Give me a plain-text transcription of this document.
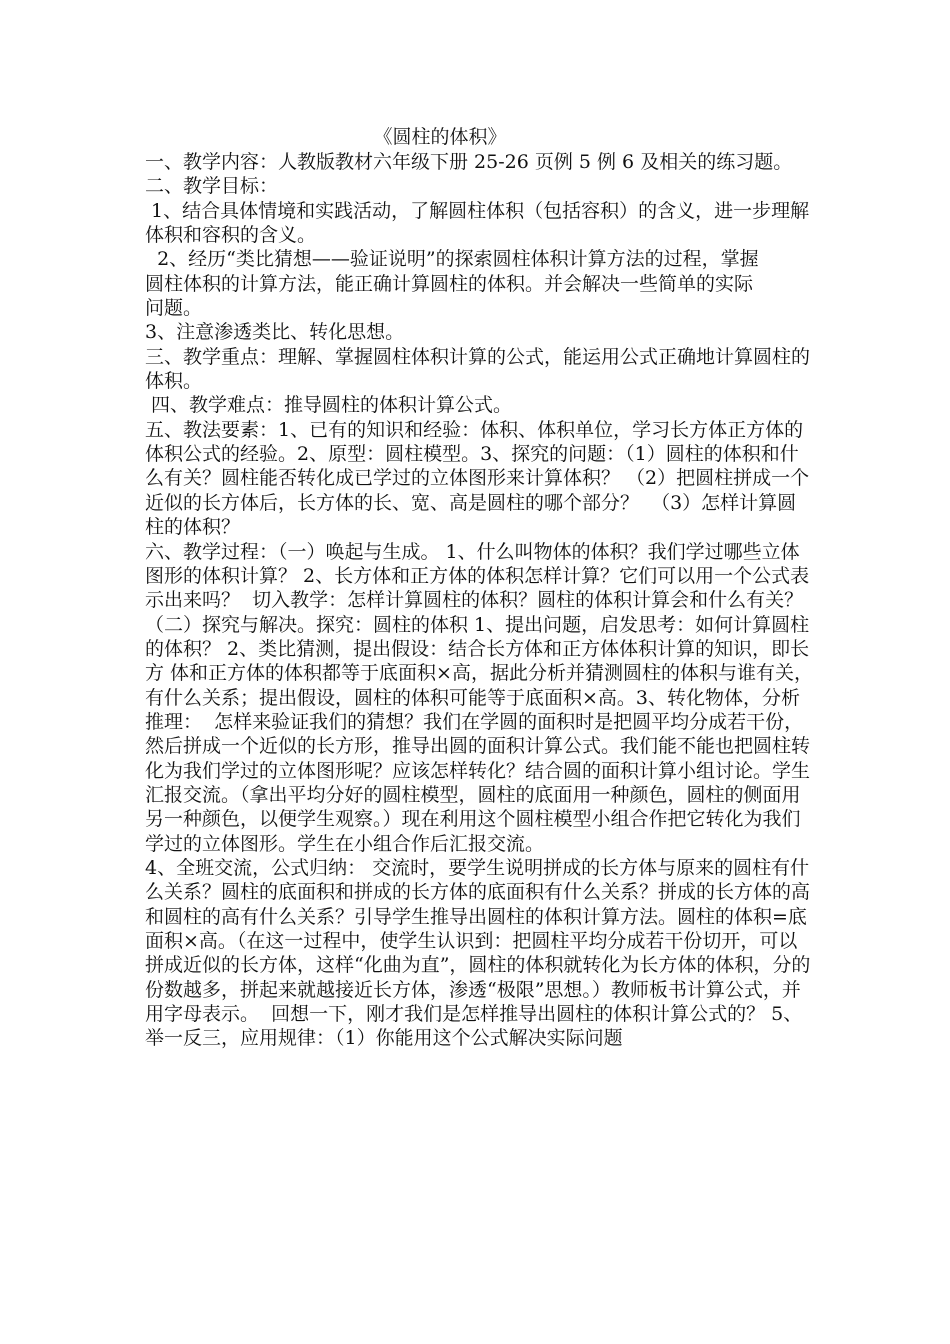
《圆柱的体积》

一、教学内容：人教版教材六年级下册 25-26 页例 5 例 6 及相关的练习题。

二、教学目标：

1、结合具体情境和实践活动，了解圆柱体积（包括容积）的含义，进一步理解体积和容积的含义。

2、经历“类比猜想——验证说明”的探索圆柱体积计算方法的过程，掌握

圆柱体积的计算方法，能正确计算圆柱的体积。并会解决一些简单的实际

问题。

3、注意渗透类比、转化思想。

三、教学重点：理解、掌握圆柱体积计算的公式，能运用公式正确地计算圆柱的体积。

四、教学难点：推导圆柱的体积计算公式。

五、教法要素：1、已有的知识和经验：体积、体积单位，学习长方体正方体的体积公式的经验。2、原型：圆柱模型。3、探究的问题：（1）圆柱的体积和什么有关？圆柱能否转化成已学过的立体图形来计算体积？ （2）把圆柱拼成一个近似的长方体后，长方体的长、宽、高是圆柱的哪个部分？  （3）怎样计算圆柱的体积？

六、教学过程：（一）唤起与生成。 1、什么叫物体的体积？我们学过哪些立体图形的体积计算？ 2、长方体和正方体的体积怎样计算？它们可以用一个公式表示出来吗？  切入教学：怎样计算圆柱的体积？圆柱的体积计算会和什么有关？（二）探究与解决。探究：圆柱的体积 1、提出问题，启发思考：如何计算圆柱的体积？ 2、类比猜测，提出假设：结合长方体和正方体体积计算的知识，即长方 体和正方体的体积都等于底面积×高，据此分析并猜测圆柱的体积与谁有关，有什么关系；提出假设，圆柱的体积可能等于底面积×高。3、转化物体，分析推理：  怎样来验证我们的猜想？我们在学圆的面积时是把圆平均分成若干份，然后拼成一个近似的长方形，推导出圆的面积计算公式。我们能不能也把圆柱转化为我们学过的立体图形呢？应该怎样转化？结合圆的面积计算小组讨论。学生汇报交流。（拿出平均分好的圆柱模型，圆柱的底面用一种颜色，圆柱的侧面用另一种颜色，以便学生观察。）现在利用这个圆柱模型小组合作把它转化为我们学过的立体图形。学生在小组合作后汇报交流。

4、全班交流，公式归纳： 交流时，要学生说明拼成的长方体与原来的圆柱有什么关系？圆柱的底面积和拼成的长方体的底面积有什么关系？拼成的长方体的高和圆柱的高有什么关系？引导学生推导出圆柱的体积计算方法。圆柱的体积=底面积×高。（在这一过程中，使学生认识到：把圆柱平均分成若干份切开，可以拼成近似的长方体，这样“化曲为直”，圆柱的体积就转化为长方体的体积，分的份数越多，拼起来就越接近长方体，渗透“极限”思想。）教师板书计算公式，并用字母表示。  回想一下，刚才我们是怎样推导出圆柱的体积计算公式的？ 5、举一反三，应用规律：（1）你能用这个公式解决实际问题
